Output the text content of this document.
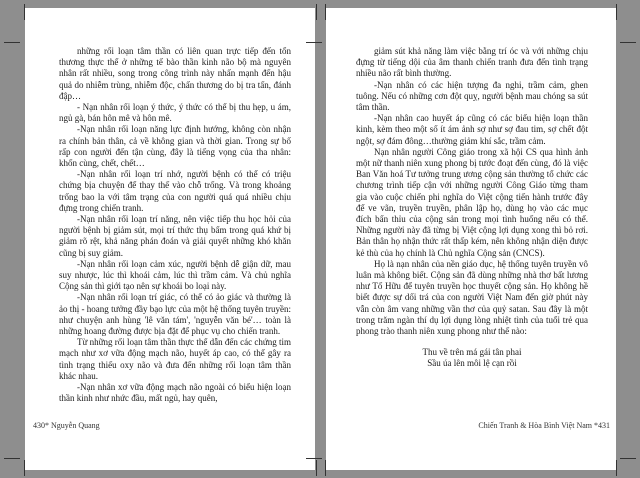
những rối loạn tâm thần có liên quan trực tiếp đến tổn thương thực thể ở những tế bào thần kinh não bộ mà nguyên nhân rất nhiều, song trong công trình này nhấn mạnh đến hậu quả do nhiễm trùng, nhiễm độc, chấn thương do bị tra tấn, đánh đập…

- Nạn nhân rối loạn ý thức, ý thức có thể bị thu hẹp, u ám, ngủ gà, bán hôn mê và hôn mê.

-Nạn nhân rối loạn năng lực định hướng, không còn nhận ra chính bản thân, cả về không gian và thời gian. Trong sự bố rấp con người đến tận cùng, đây là tiếng vọng của tha nhân: khốn cùng, chết, chết…

-Nạn nhân rối loạn trí nhớ, người bệnh có thể có triệu chứng bịa chuyện để thay thế vào chỗ trống. Và trong khoảng trống bao la với tâm trạng của con người quá quá nhiều chịu đựng trong chiến tranh.

-Nạn nhân rối loạn trí năng, nên việc tiếp thu học hỏi của người bệnh bị giảm sút, mọi trí thức thụ bẩm trong quá khứ bị giảm rõ rệt, khả năng phán đoán và giải quyết những khó khăn cũng bị suy giảm.

-Nạn nhân rối loạn cảm xúc, người bệnh dễ giận dữ, mau suy nhược, lúc thì khoái cảm, lúc thì trầm cảm. Và chủ nghĩa Cộng sản thì giới tạo nên sự khoái bo loại này.

-Nạn nhân rối loạn trí giác, có thể có ảo giác và thường là ảo thị - hoang tưởng đầy bạo lực của một hệ thống tuyên truyền: như chuyện anh hùng 'lê văn tám', 'nguyễn văn bé'… toàn là những hoang đường được bịa đặt để phục vụ cho chiến tranh.

Từ những rối loạn tâm thần thực thể dẫn đến các chứng tim mạch như xơ vữa động mạch não, huyết áp cao, có thể gây ra tình trạng thiếu oxy não và đưa đến những rối loạn tâm thần khác nhau.

-Nạn nhân xơ vữa động mạch não ngoài có biểu hiện loạn thần kinh như nhức đầu, mất ngủ, hay quên,

430* Nguyễn Quang

giảm sút khả năng làm việc bằng trí óc và với những chịu đựng từ tiếng dội của âm thanh chiến tranh đưa đến tình trạng nhiều não rất bình thường.

-Nạn nhân có các hiện tượng đa nghi, trầm cảm, ghen tuông. Nếu có những cơn đột quỵ, người bệnh mau chóng sa sút tâm thần.

-Nạn nhân cao huyết áp cũng có các biểu hiện loạn thần kinh, kèm theo một số ít ám ảnh sợ như sợ đau tim, sợ chết đột ngột, sợ đám đông…thường giảm khí sắc, trầm cảm.

Nạn nhân người Công giáo trong xã hội CS qua hình ảnh một nữ thanh niên xung phong bị tước đoạt đến cùng, đó là việc Ban Văn hoá Tư tưởng trung ương cộng sản thường tổ chức các chương trình tiếp cận với những người Công Giáo từng tham gia vào cuộc chiến phi nghĩa do Việt cộng tiến hành trước đây để ve vãn, truyền truyền, phân lập họ, dùng họ vào các mục đích bẩn thỉu của cộng sản trong mọi tình huống nếu có thể. Những người này đã từng bị Việt cộng lợi dụng xong thì bỏ rơi. Bản thân họ nhận thức rất thấp kém, nên không nhận diện được kẻ thù của họ chính là Chủ nghĩa Cộng sản (CNCS).

Họ là nạn nhân của nền giáo dục, hệ thống tuyên truyền vô luân mà không biết. Cộng sản đã dùng những nhà thơ bất lương như Tố Hữu để tuyên truyền học thuyết cộng sản. Họ không hề biết được sự dối trá của con người Việt Nam đến giờ phút này vẫn còn âm vang những vần thơ của quỷ satan. Sau đây là một trong trăm ngàn thí dụ lợi dụng lòng nhiệt tình của tuổi trẻ qua phong trào thanh niên xung phong như thế nào:

Thu về trên má gái tân phai
Sầu úa lên môi lệ cạn rồi
Chiến Tranh & Hòa Bình Việt Nam *431
